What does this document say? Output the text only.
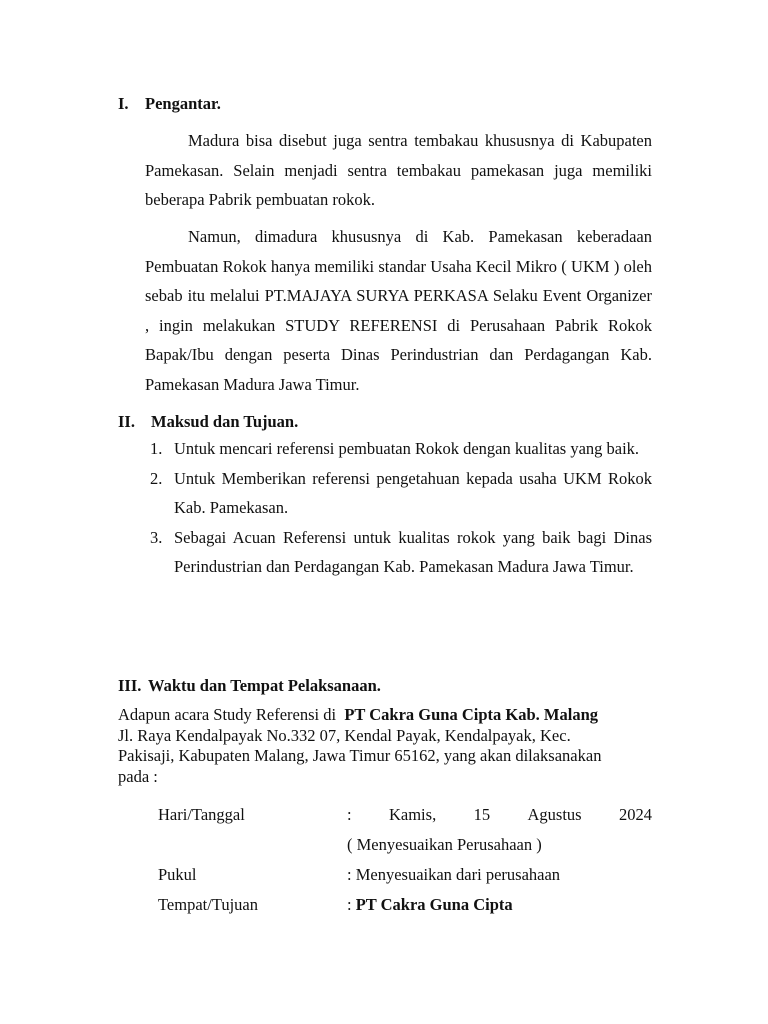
I. Pengantar.
Madura bisa disebut juga sentra tembakau khususnya di Kabupaten Pamekasan. Selain menjadi sentra tembakau pamekasan juga memiliki beberapa Pabrik pembuatan rokok.
Namun, dimadura khususnya di Kab. Pamekasan keberadaan Pembuatan Rokok hanya memiliki standar Usaha Kecil Mikro ( UKM ) oleh sebab itu melalui PT.MAJAYA SURYA PERKASA Selaku Event Organizer , ingin melakukan STUDY REFERENSI di Perusahaan Pabrik Rokok Bapak/Ibu dengan peserta Dinas Perindustrian dan Perdagangan Kab. Pamekasan Madura Jawa Timur.
II. Maksud dan Tujuan.
1. Untuk mencari referensi pembuatan Rokok dengan kualitas yang baik.
2. Untuk Memberikan referensi pengetahuan kepada usaha UKM Rokok Kab. Pamekasan.
3. Sebagai Acuan Referensi untuk kualitas rokok yang baik bagi Dinas Perindustrian dan Perdagangan Kab. Pamekasan Madura Jawa Timur.
III. Waktu dan Tempat Pelaksanaan.
Adapun acara Study Referensi di PT Cakra Guna Cipta Kab. Malang
Jl. Raya Kendalpayak No.332 07, Kendal Payak, Kendalpayak, Kec.
Pakisaji, Kabupaten Malang, Jawa Timur 65162, yang akan dilaksanakan
pada :
Hari/Tanggal	: Kamis, 15 Agustus 2024
( Menyesuaikan Perusahaan )
Pukul	: Menyesuaikan dari perusahaan
Tempat/Tujuan	: PT Cakra Guna Cipta
